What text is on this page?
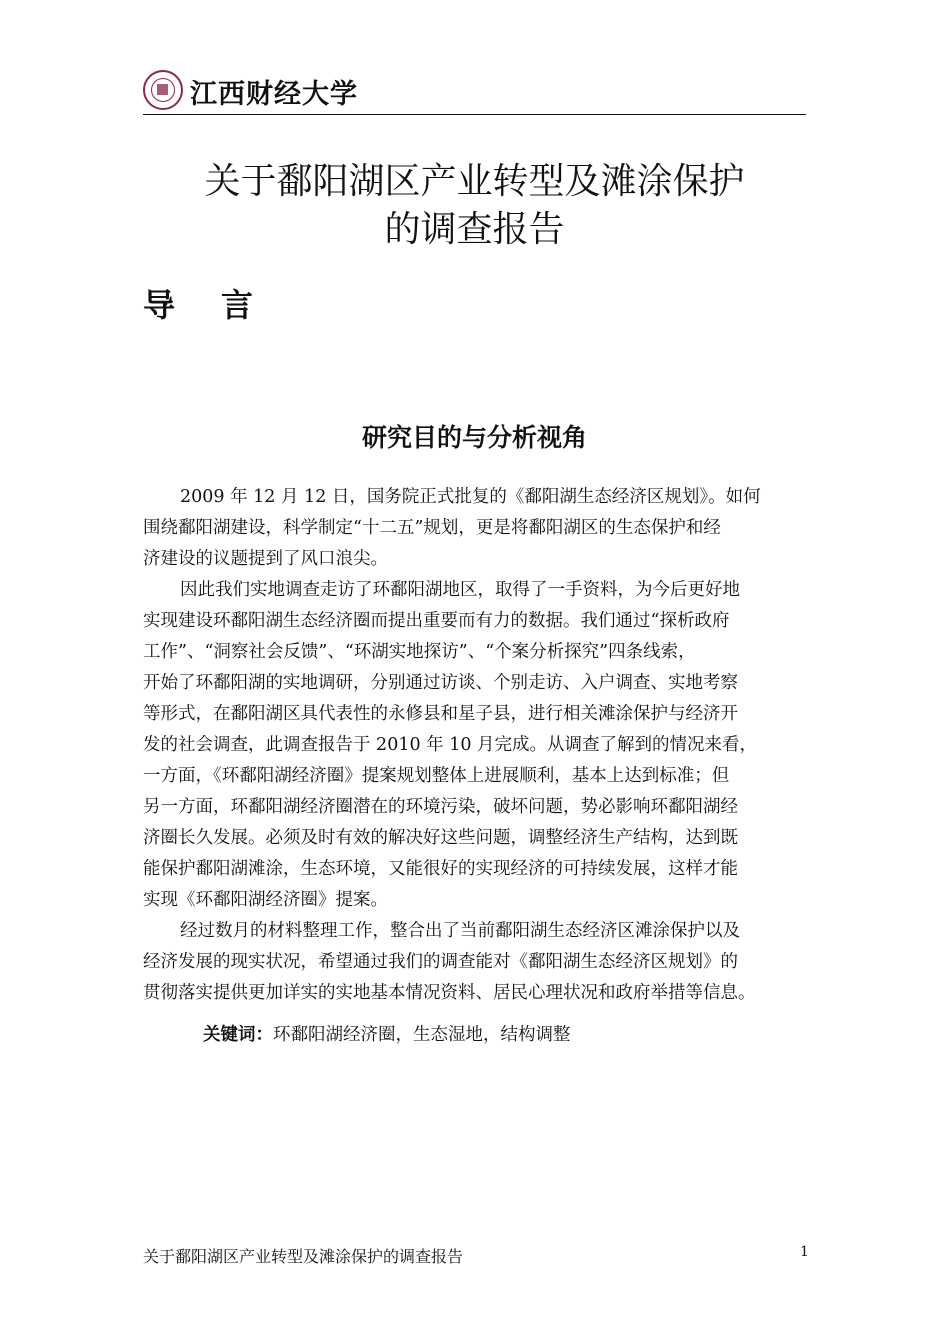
江西财经大学
关于鄱阳湖区产业转型及滩涂保护
的调查报告
导言
研究目的与分析视角
2009 年 12 月 12 日，国务院正式批复的《鄱阳湖生态经济区规划》。如何
围绕鄱阳湖建设，科学制定“十二五”规划，更是将鄱阳湖区的生态保护和经
济建设的议题提到了风口浪尖。
因此我们实地调查走访了环鄱阳湖地区，取得了一手资料，为今后更好地
实现建设环鄱阳湖生态经济圈而提出重要而有力的数据。我们通过“探析政府
工作”、“洞察社会反馈”、“环湖实地探访”、“个案分析探究”四条线索，
开始了环鄱阳湖的实地调研，分别通过访谈、个别走访、入户调查、实地考察
等形式，在鄱阳湖区具代表性的永修县和星子县，进行相关滩涂保护与经济开
发的社会调查，此调查报告于 2010 年 10 月完成。从调查了解到的情况来看，
一方面，《环鄱阳湖经济圈》提案规划整体上进展顺利，基本上达到标准；但
另一方面，环鄱阳湖经济圈潜在的环境污染，破坏问题，势必影响环鄱阳湖经
济圈长久发展。必须及时有效的解决好这些问题，调整经济生产结构，达到既
能保护鄱阳湖滩涂，生态环境，又能很好的实现经济的可持续发展，这样才能
实现《环鄱阳湖经济圈》提案。
经过数月的材料整理工作，整合出了当前鄱阳湖生态经济区滩涂保护以及
经济发展的现实状况，希望通过我们的调查能对《鄱阳湖生态经济区规划》的
贯彻落实提供更加详实的实地基本情况资料、居民心理状况和政府举措等信息。
关键词：环鄱阳湖经济圈，生态湿地，结构调整
关于鄱阳湖区产业转型及滩涂保护的调查报告	1
